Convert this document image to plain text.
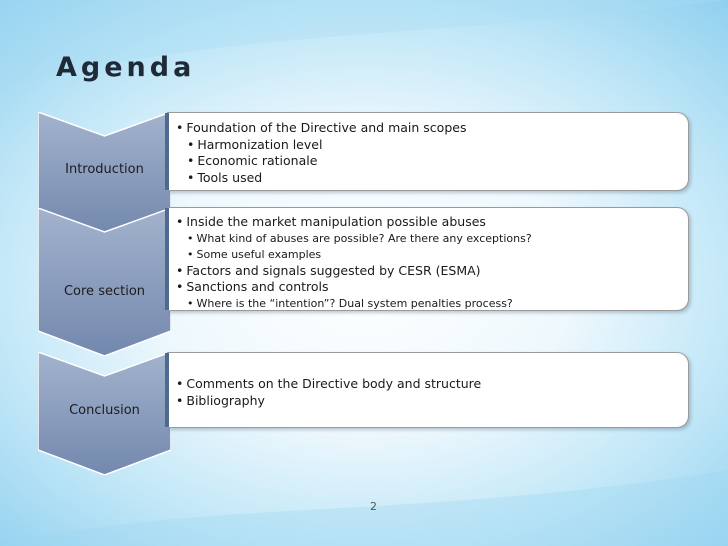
Agenda
Introduction
• Foundation of the Directive and main scopes
• Harmonization level
• Economic rationale
• Tools used
Core section
• Inside the market manipulation possible abuses
• What kind of abuses are possible? Are there any exceptions?
• Some useful examples
• Factors and signals suggested by CESR (ESMA)
• Sanctions and controls
• Where is the “intention”? Dual system penalties process?
Conclusion
• Comments on the Directive body and structure
• Bibliography
2
